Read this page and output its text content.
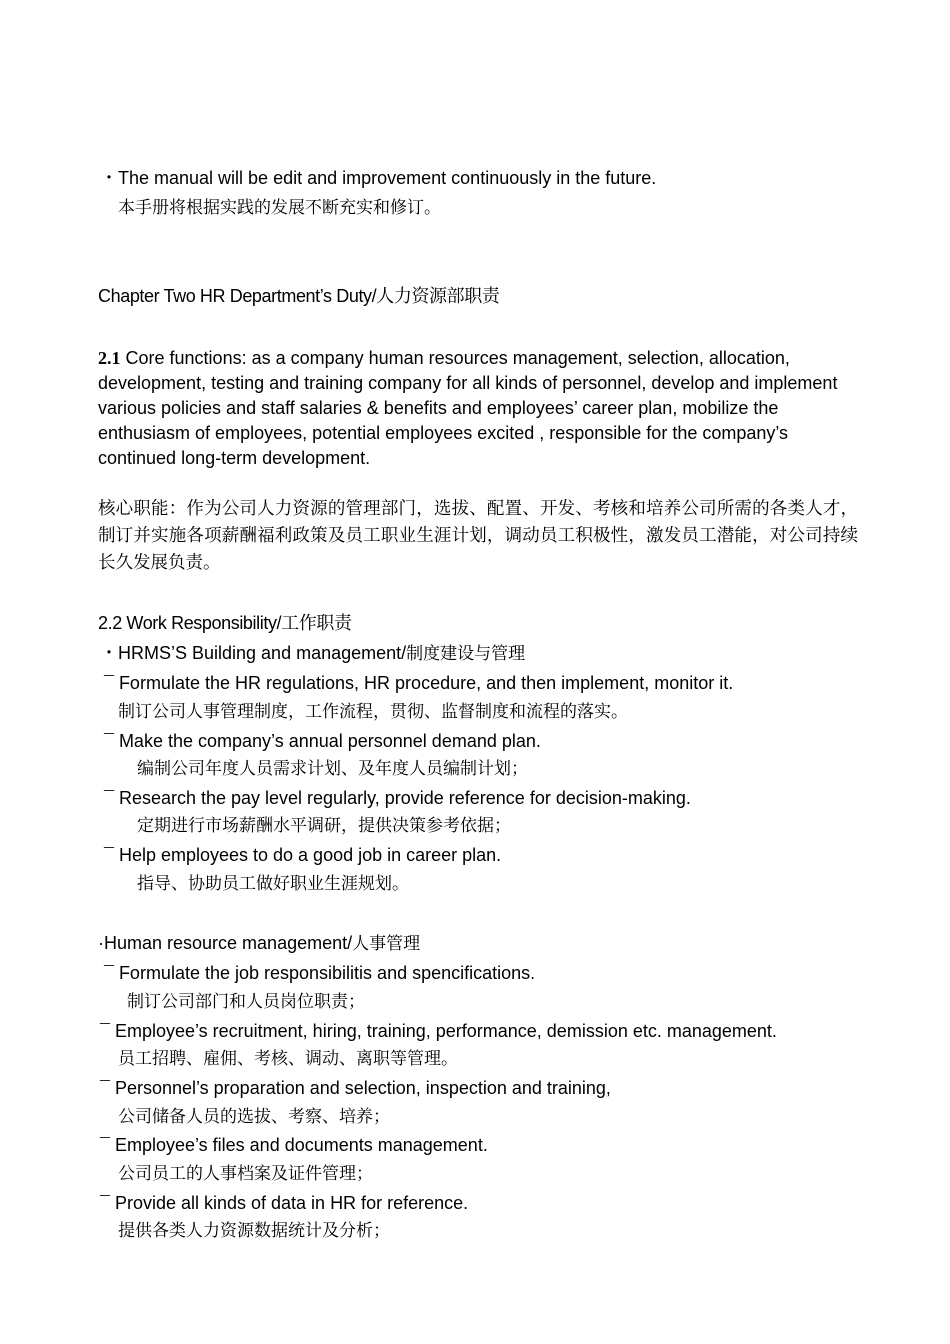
・The manual will be edit and improvement continuously in the future.
本手册将根据实践的发展不断充实和修订。
Chapter Two HR Department’s Duty/人力资源部职责
2.1 Core functions: as a company human resources management, selection, allocation, development, testing and training company for all kinds of personnel, develop and implement various policies and staff salaries & benefits and employees’ career plan, mobilize the enthusiasm of employees, potential employees excited , responsible for the company’s continued long-term development.
核心职能：作为公司人力资源的管理部门，选拔、配置、开发、考核和培养公司所需的各类人才，制订并实施各项薪酬福利政策及员工职业生涯计划，调动员工积极性，激发员工潜能，对公司持续长久发展负责。
2.2 Work Responsibility/工作职责
・HRMS’S Building and management/制度建设与管理
¯ Formulate the HR regulations, HR procedure, and then implement, monitor it.
制订公司人事管理制度，工作流程，贯彻、监督制度和流程的落实。
¯ Make the company’s annual personnel demand plan.
编制公司年度人员需求计划、及年度人员编制计划；
¯ Research the pay level regularly, provide reference for decision-making.
定期进行市场薪酬水平调研，提供决策参考依据；
¯ Help employees to do a good job in career plan.
指导、协助员工做好职业生涯规划。
·Human resource management/人事管理
¯ Formulate the job responsibilitis and spencifications.
制订公司部门和人员岗位职责；
¯ Employee’s recruitment, hiring, training, performance, demission etc. management.
员工招聘、雇佣、考核、调动、离职等管理。
¯ Personnel’s proparation and selection, inspection and training,
公司储备人员的选拔、考察、培养；
¯ Employee’s files and documents management.
公司员工的人事档案及证件管理；
¯ Provide all kinds of data in HR for reference.
提供各类人力资源数据统计及分析；
